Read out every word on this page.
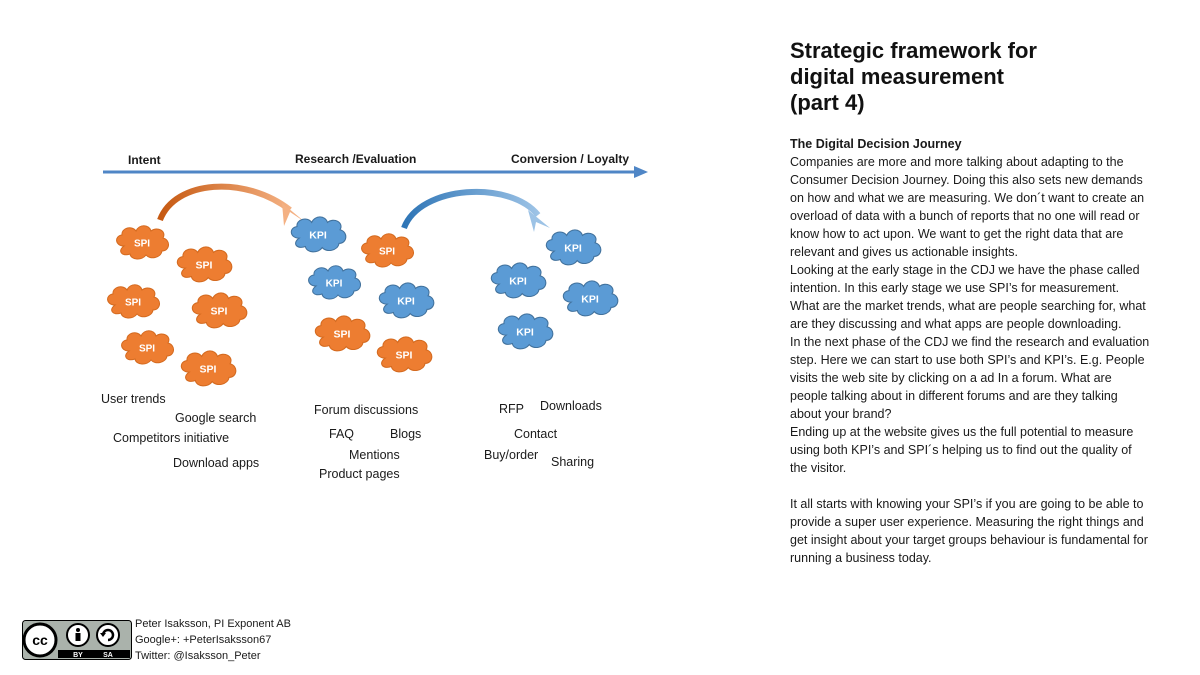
SPI
SPI
SPI
SPI
SPI
SPI
KPI
SPI
KPI
KPI
SPI
SPI
KPI
KPI
KPI
KPI
Intent	Research /Evaluation	Conversion / Loyalty
User trends
Google search
Competitors initiative
Download apps
Forum discussions
FAQ	Blogs
Mentions
Product pages
RFP Downloads
Contact
Buy/order Sharing
Strategic framework for
digital measurement
(part 4)
The Digital Decision Journey

Companies are more and more talking about adapting to the Consumer Decision Journey. Doing this also sets new demands on how and what we are measuring. We don´t want to create an overload of data with a bunch of reports that no one will read or know how to act upon. We want to get the right data that are relevant and gives us actionable insights.

Looking at the early stage in the CDJ we have the phase called intention. In this early stage we use SPI’s for measurement. What are the market trends, what are people searching for, what are they discussing and what apps are people downloading.

In the next phase of the CDJ we find the research and evaluation step. Here we can start to use both SPI’s and KPI’s. E.g. People visits the web site by clicking on a ad In a forum. What are people talking about in different forums and are they talking about your brand?

Ending up at the website gives us the full potential to measure using both KPI’s and SPI´s helping us to find out the quality of the visitor.

It all starts with knowing your SPI’s if you are going to be able to provide a super user experience. Measuring the right things and get insight about your target groups behaviour is fundamental for running a business today.

cc
BY	SA
Peter Isaksson, PI Exponent AB
Google+: +PeterIsaksson67
Twitter: @Isaksson_Peter
